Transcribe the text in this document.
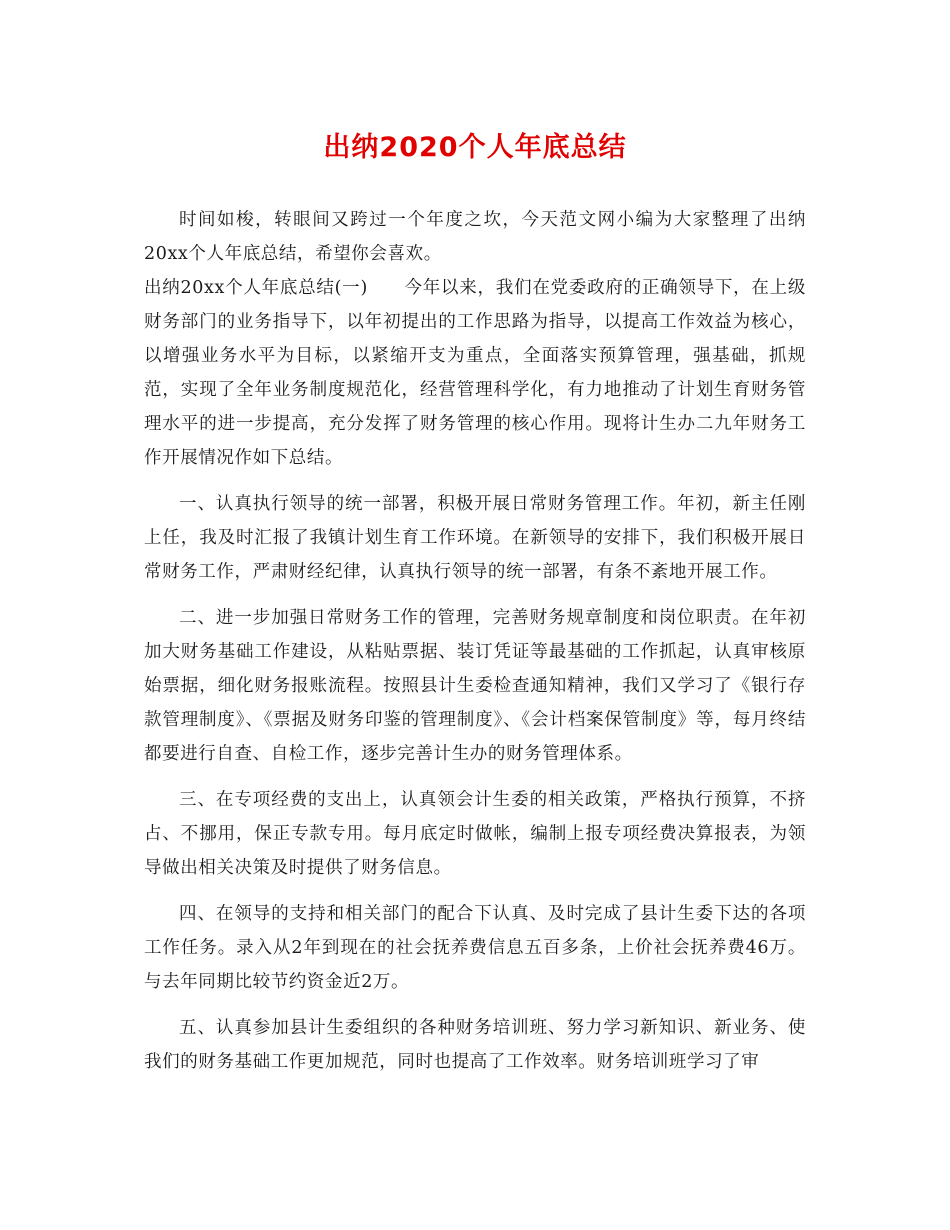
出纳2020个人年底总结

时间如梭，转眼间又跨过一个年度之坎，今天范文网小编为大家整理了出纳20xx个人年底总结，希望你会喜欢。

出纳20xx个人年底总结(一)　　今年以来，我们在党委政府的正确领导下，在上级财务部门的业务指导下，以年初提出的工作思路为指导，以提高工作效益为核心，以增强业务水平为目标，以紧缩开支为重点，全面落实预算管理，强基础，抓规范，实现了全年业务制度规范化，经营管理科学化，有力地推动了计划生育财务管理水平的进一步提高，充分发挥了财务管理的核心作用。现将计生办二九年财务工作开展情况作如下总结。

一、认真执行领导的统一部署，积极开展日常财务管理工作。年初，新主任刚上任，我及时汇报了我镇计划生育工作环境。在新领导的安排下，我们积极开展日常财务工作，严肃财经纪律，认真执行领导的统一部署，有条不紊地开展工作。

二、进一步加强日常财务工作的管理，完善财务规章制度和岗位职责。在年初加大财务基础工作建设，从粘贴票据、装订凭证等最基础的工作抓起，认真审核原始票据，细化财务报账流程。按照县计生委检查通知精神，我们又学习了《银行存款管理制度》、《票据及财务印鉴的管理制度》、《会计档案保管制度》等，每月终结都要进行自查、自检工作，逐步完善计生办的财务管理体系。

三、在专项经费的支出上，认真领会计生委的相关政策，严格执行预算，不挤占、不挪用，保正专款专用。每月底定时做帐，编制上报专项经费决算报表，为领导做出相关决策及时提供了财务信息。

四、在领导的支持和相关部门的配合下认真、及时完成了县计生委下达的各项工作任务。录入从2年到现在的社会抚养费信息五百多条，上价社会抚养费46万。与去年同期比较节约资金近2万。

五、认真参加县计生委组织的各种财务培训班、努力学习新知识、新业务、使我们的财务基础工作更加规范，同时也提高了工作效率。财务培训班学习了审
